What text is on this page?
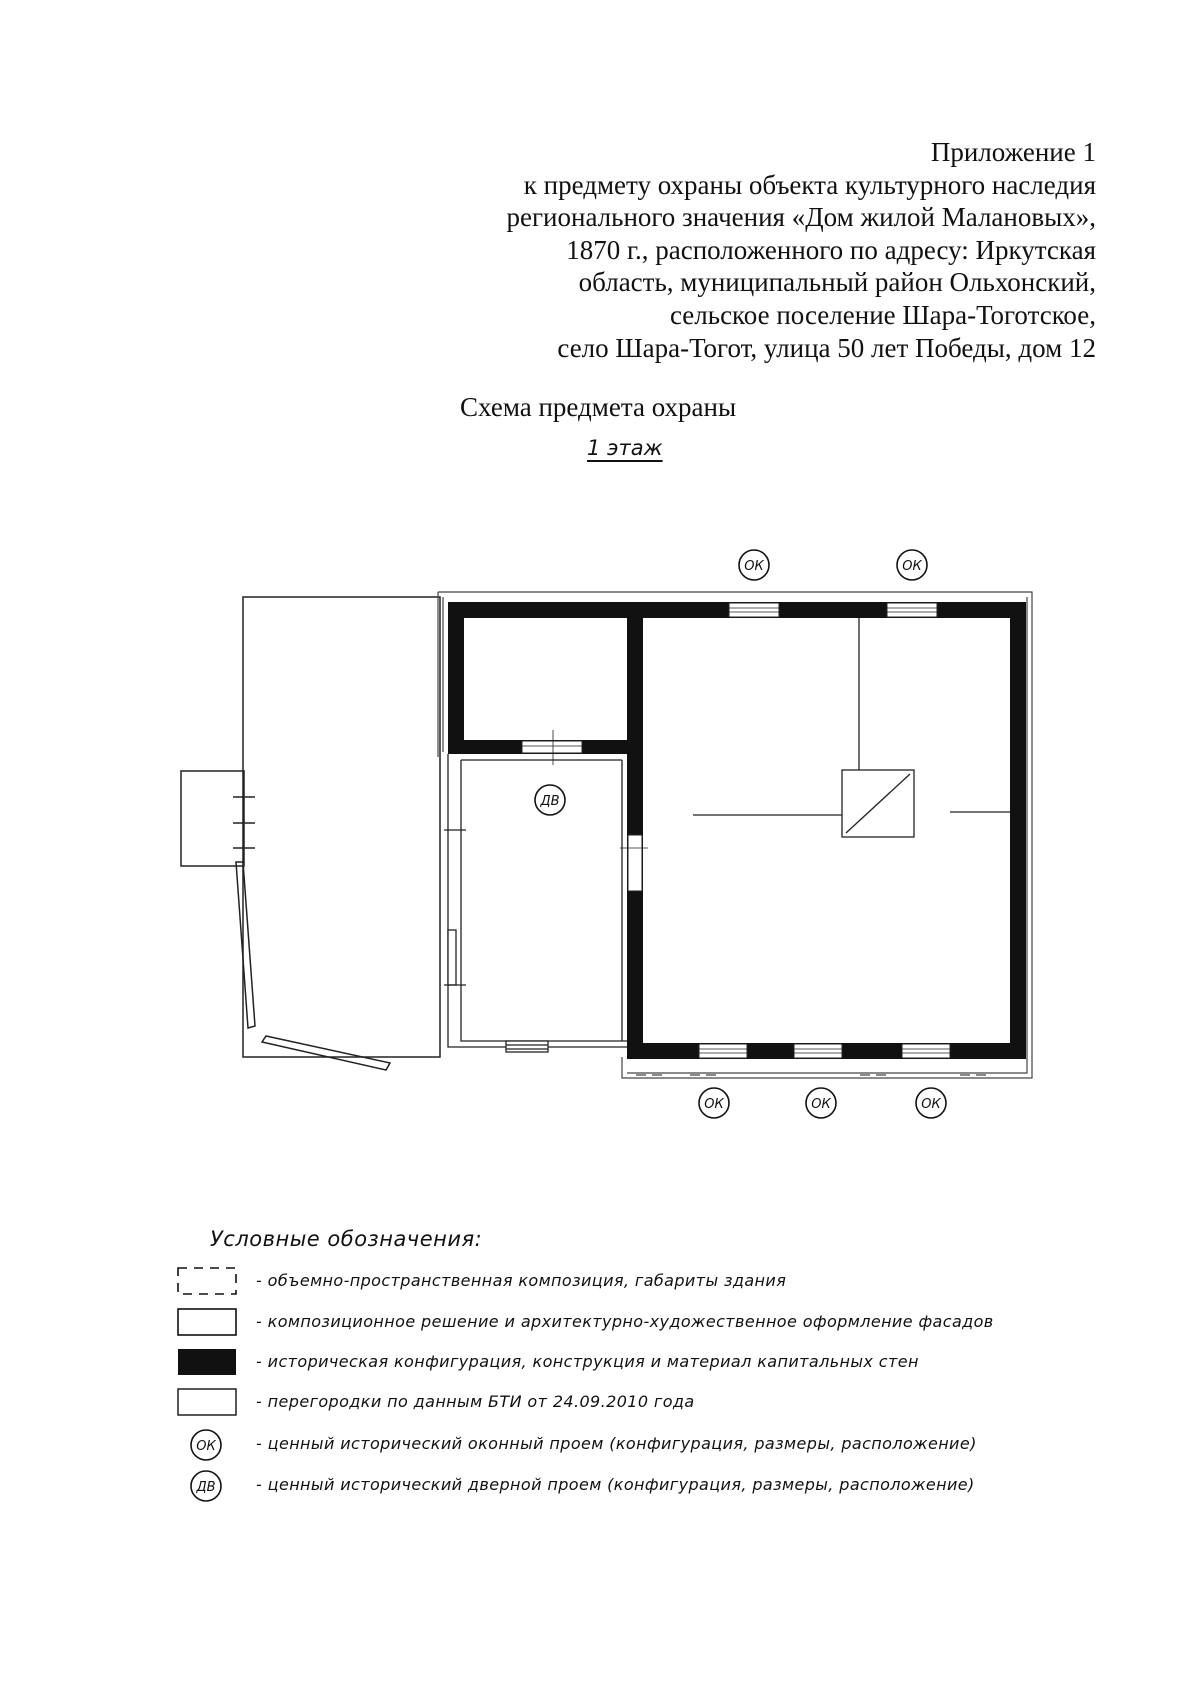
Приложение 1
к предмету охраны объекта культурного наследия
регионального значения «Дом жилой Малановых»,
1870 г., расположенного по адресу: Иркутская
область, муниципальный район Ольхонский,
сельское поселение Шара-Тоготское,
село Шара-Тогот, улица 50 лет Победы, дом 12
Схема предмета охраны
1 этаж
ОК	ОК
ОК	ОК	ОК
ДВ
Условные обозначения:
- объемно-пространственная композиция, габариты здания
- композиционное решение и архитектурно-художественное оформление фасадов
- историческая конфигурация, конструкция и материал капитальных стен
- перегородки по данным БТИ от 24.09.2010 года
ОК	- ценный исторический оконный проем (конфигурация, размеры, расположение)
ДВ	- ценный исторический дверной проем (конфигурация, размеры, расположение)
